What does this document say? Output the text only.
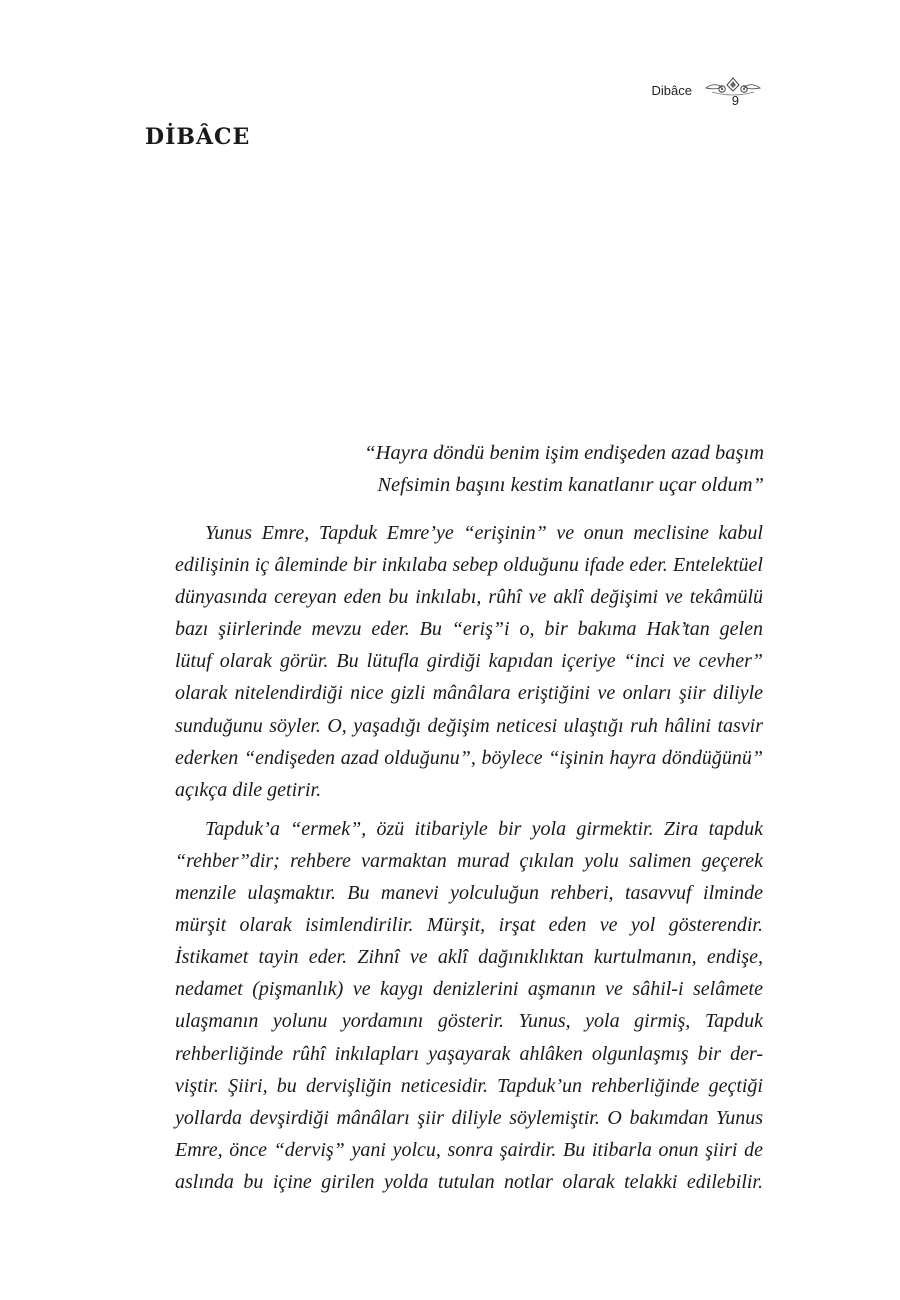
Dibâce
9
DİBÂCE
“Hayra döndü benim işim endişeden azad başım
Nefsimin başını kestim kanatlanır uçar oldum”

Yunus Emre, Tapduk Emre’ye “erişinin” ve onun meclisine kabul
edilişinin iç âleminde bir inkılaba sebep olduğunu ifade eder. Entelektüel
dünyasında cereyan eden bu inkılabı, rûhî ve aklî değişimi ve tekâmülü
bazı şiirlerinde mevzu eder. Bu “eriş”i o, bir bakıma Hak’tan gelen
lütuf olarak görür. Bu lütufla girdiği kapıdan içeriye “inci ve cevher”
olarak nitelendirdiği nice gizli mânâlara eriştiğini ve onları şiir diliyle
sunduğunu söyler. O, yaşadığı değişim neticesi ulaştığı ruh hâlini tasvir
ederken “endişeden azad olduğunu”, böylece “işinin hayra döndüğünü”
açıkça dile getirir.

Tapduk’a “ermek”, özü itibariyle bir yola girmektir. Zira tapduk
“rehber”dir; rehbere varmaktan murad çıkılan yolu salimen geçerek
menzile ulaşmaktır. Bu manevi yolculuğun rehberi, tasavvuf ilminde
mürşit olarak isimlendirilir. Mürşit, irşat eden ve yol gösterendir.
İstikamet tayin eder. Zihnî ve aklî dağınıklıktan kurtulmanın, endişe,
nedamet (pişmanlık) ve kaygı denizlerini aşmanın ve sâhil-i selâmete
ulaşmanın yolunu yordamını gösterir. Yunus, yola girmiş, Tapduk
rehberliğinde rûhî inkılapları yaşayarak ahlâken olgunlaşmış bir der-
viştir. Şiiri, bu dervişliğin neticesidir. Tapduk’un rehberliğinde geçtiği
yollarda devşirdiği mânâları şiir diliyle söylemiştir. O bakımdan Yunus
Emre, önce “derviş” yani yolcu, sonra şairdir. Bu itibarla onun şiiri de
aslında bu içine girilen yolda tutulan notlar olarak telakki edilebilir.
